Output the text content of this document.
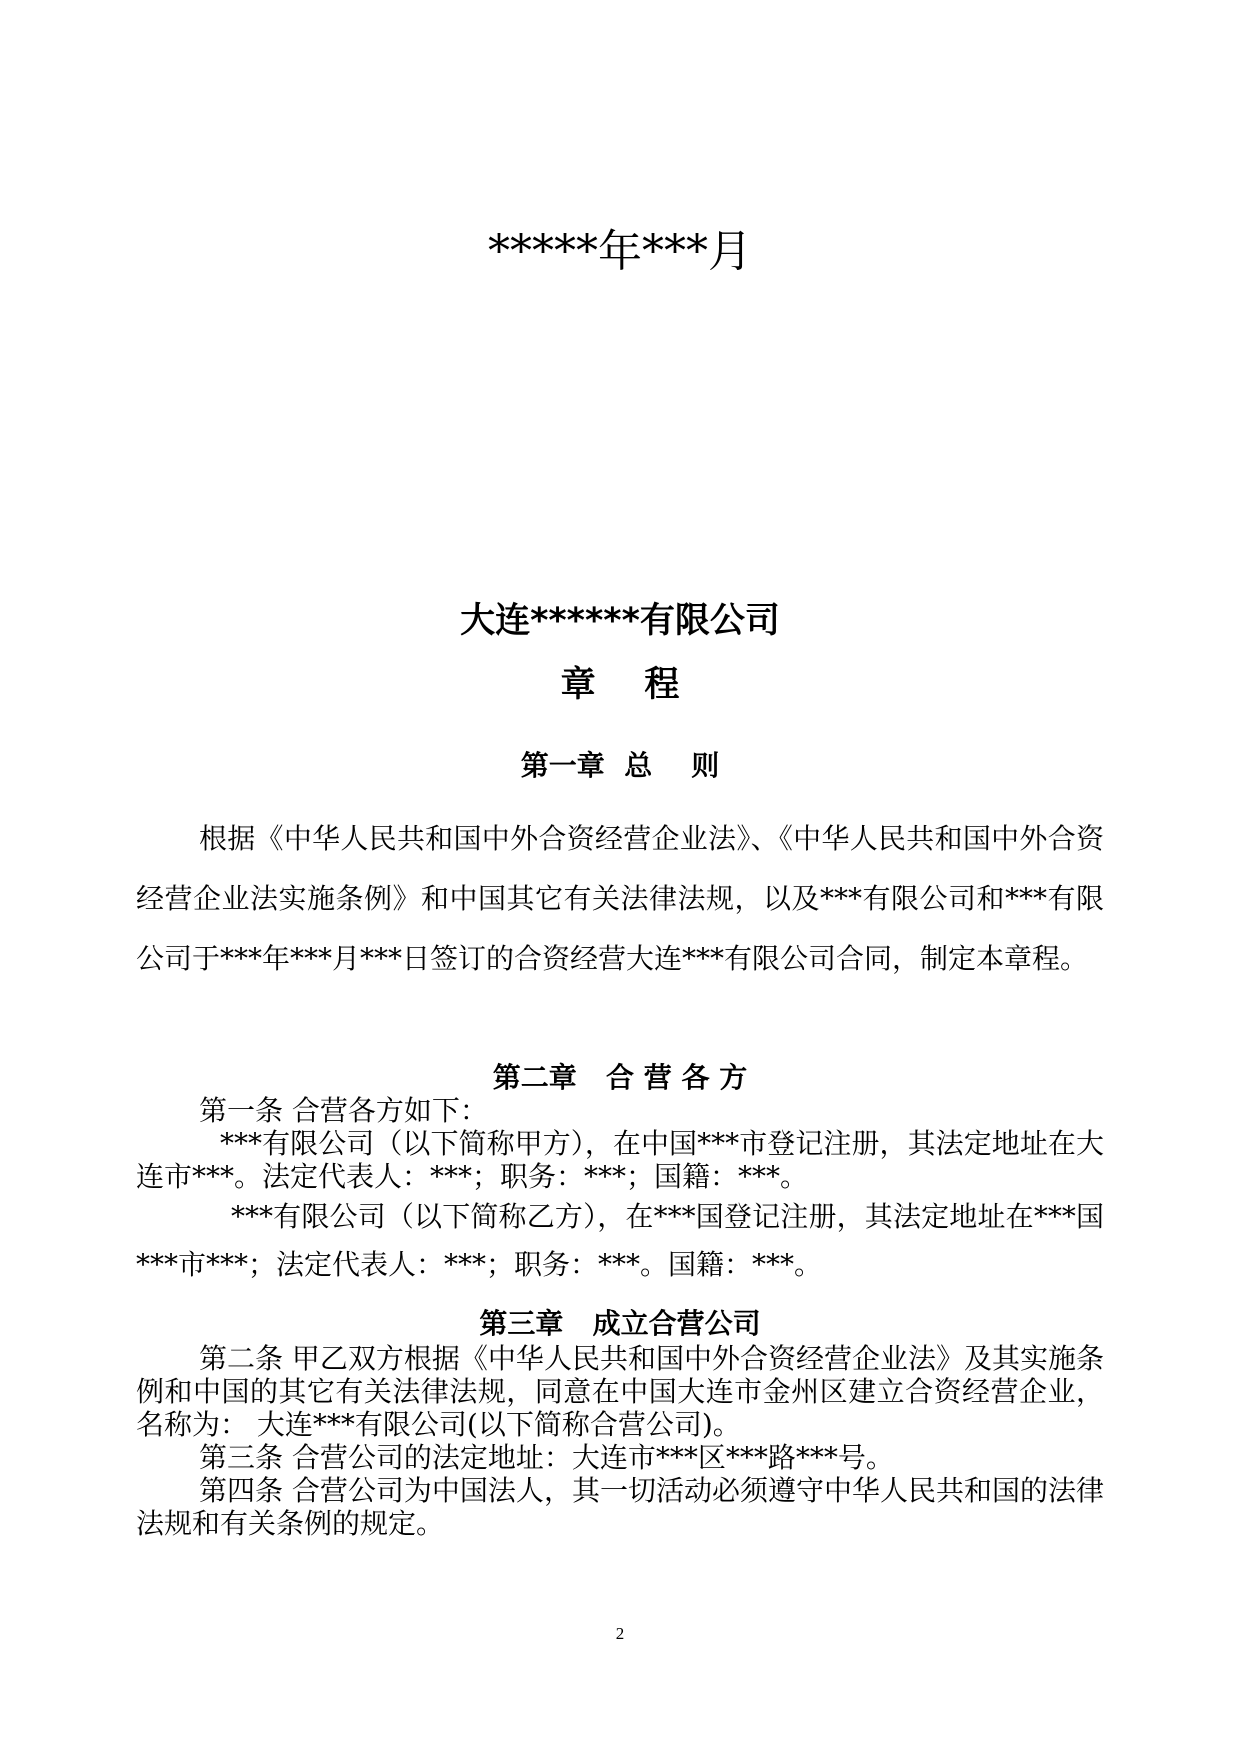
*****年***月
大连******有限公司
章    程
第一章  总    则

根据《中华人民共和国中外合资经营企业法》、《中华人民共和国中外合资经营企业法实施条例》和中国其它有关法律法规，以及***有限公司和***有限公司于***年***月***日签订的合资经营大连***有限公司合同，制定本章程。

第二章   合 营 各 方

第一条 合营各方如下：

***有限公司（以下简称甲方），在中国***市登记注册，其法定地址在大连市***。法定代表人：***；职务：***；国籍：***。

***有限公司（以下简称乙方），在***国登记注册，其法定地址在***国***市***；法定代表人：***；职务：***。国籍：***。

第三章   成立合营公司

第二条 甲乙双方根据《中华人民共和国中外合资经营企业法》及其实施条例和中国的其它有关法律法规，同意在中国大连市金州区建立合资经营企业，名称为： 大连***有限公司(以下简称合营公司)。

第三条 合营公司的法定地址：大连市***区***路***号。

第四条 合营公司为中国法人，其一切活动必须遵守中华人民共和国的法律法规和有关条例的规定。

2
